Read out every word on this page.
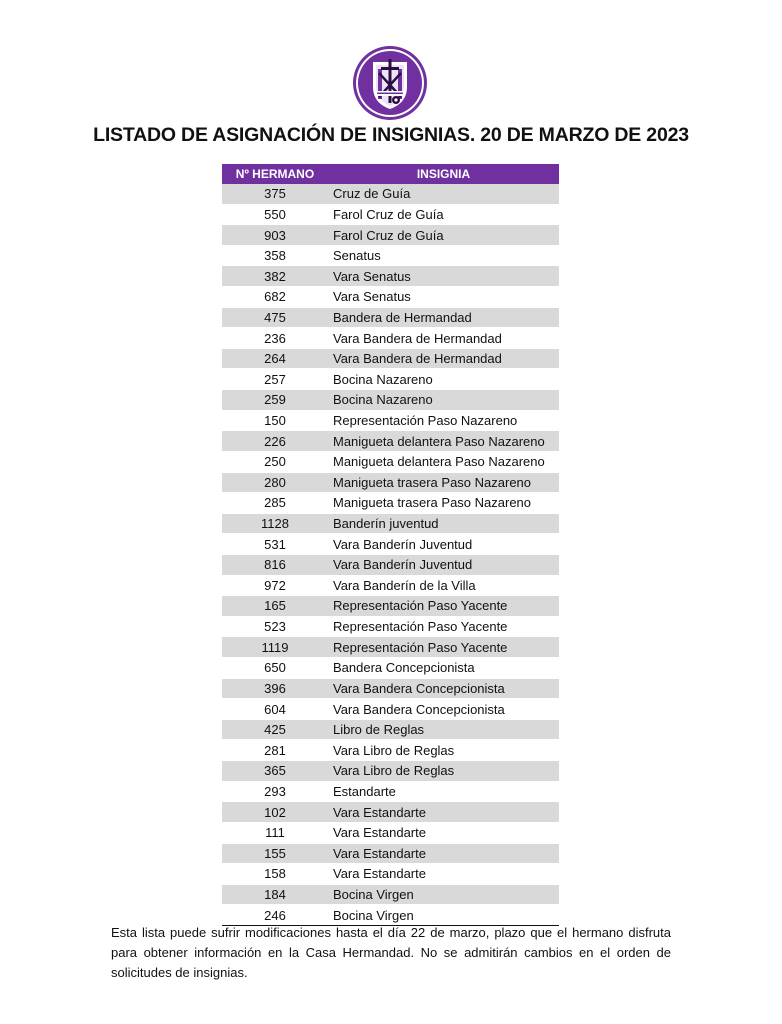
LISTADO DE ASIGNACIÓN DE INSIGNIAS. 20 DE MARZO DE 2023
Nº HERMANO	INSIGNIA
375	Cruz de Guía
550	Farol Cruz de Guía
903	Farol Cruz de Guía
358	Senatus
382	Vara Senatus
682	Vara Senatus
475	Bandera de Hermandad
236	Vara Bandera de Hermandad
264	Vara Bandera de Hermandad
257	Bocina Nazareno
259	Bocina Nazareno
150	Representación Paso Nazareno
226	Manigueta delantera Paso Nazareno
250	Manigueta delantera Paso Nazareno
280	Manigueta trasera Paso Nazareno
285	Manigueta trasera Paso Nazareno
1128	Banderín juventud
531	Vara Banderín Juventud
816	Vara Banderín Juventud
972	Vara Banderín de la Villa
165	Representación Paso Yacente
523	Representación Paso Yacente
1119	Representación Paso Yacente
650	Bandera Concepcionista
396	Vara Bandera Concepcionista
604	Vara Bandera Concepcionista
425	Libro de Reglas
281	Vara Libro de Reglas
365	Vara Libro de Reglas
293	Estandarte
102	Vara Estandarte
111	Vara Estandarte
155	Vara Estandarte
158	Vara Estandarte
184	Bocina Virgen
246	Bocina Virgen
Esta lista puede sufrir modificaciones hasta el día 22 de marzo, plazo que el hermano disfruta para obtener información en la Casa Hermandad. No se admitirán cambios en el orden de solicitudes de insignias.
